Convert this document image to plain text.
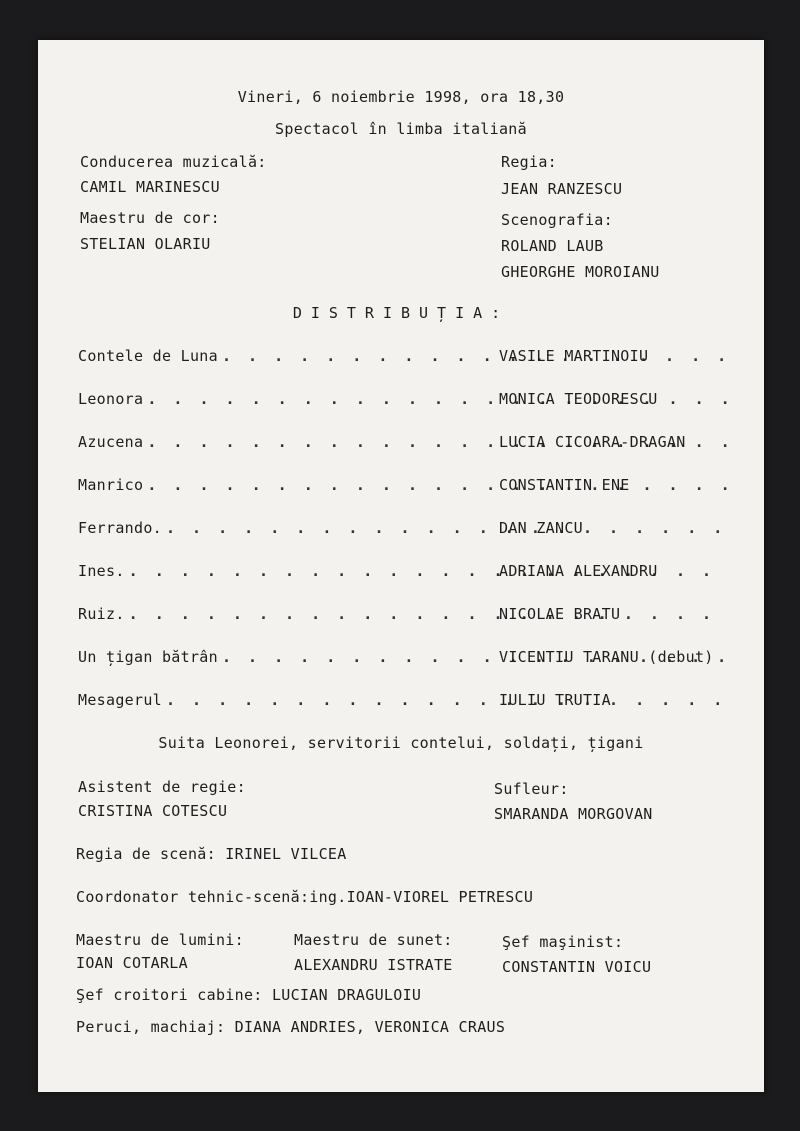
Vineri, 6 noiembrie 1998, ora 18,30
Spectacol în limba italiană
Conducerea muzicală:
CAMIL MARINESCU
Maestru de cor:
STELIAN OLARIU
Regia:
JEAN RANZESCU
Scenografia:
ROLAND LAUB
GHEORGHE MOROIANU
DISTRIBUȚIA:
Contele de Luna . . .	VASILE MARTINOIU
Leonora . . .	MONICA TEODORESCU
Azucena . . .	LUCIA CICOARA-DRAGAN
Manrico . . .	CONSTANTIN ENE
Ferrando. . . .	DAN ZANCU
Ines. . . .	ADRIANA ALEXANDRU
Ruiz. . . .	NICOLAE BRATU
Un țigan bătrân . . .	VICENTIU TARANU (debut)
Mesagerul . . .	IULIU TRUTIA
Suita Leonorei, servitorii contelui, soldați, țigani
Asistent de regie:
CRISTINA COTESCU
Sufleur:
SMARANDA MORGOVAN
Regia de scenă: IRINEL VILCEA
Coordonator tehnic-scenă:ing.IOAN-VIOREL PETRESCU
Maestru de lumini:
IOAN COTARLA
Maestru de sunet:
ALEXANDRU ISTRATE
Şef maşinist:
CONSTANTIN VOICU
Şef croitori cabine: LUCIAN DRAGULOIU
Peruci, machiaj: DIANA ANDRIES, VERONICA CRAUS
